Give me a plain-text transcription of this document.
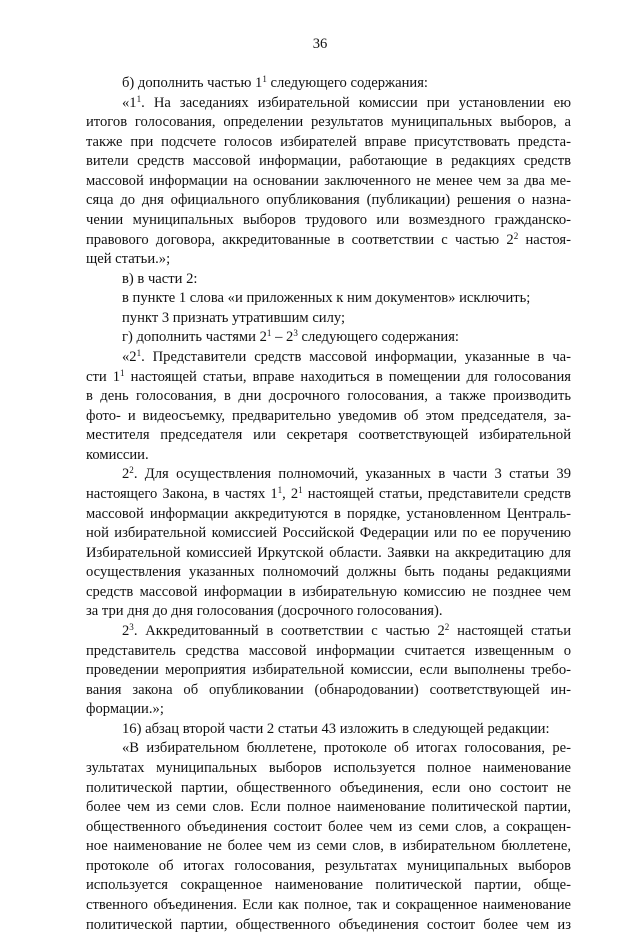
36
б) дополнить частью $1^1$ следующего содержания:
«$1^1$. На заседаниях избирательной комиссии при установлении ею
итогов голосования, определении результатов муниципальных выборов, а
также при подсчете голосов избирателей вправе присутствовать предста-
вители средств массовой информации, работающие в редакциях средств
массовой информации на основании заключенного не менее чем за два ме-
сяца до дня официального опубликования (публикации) решения о назна-
чении муниципальных выборов трудового или возмездного гражданско-
правового договора, аккредитованные в соответствии с частью $2^2$ настоя-
щей статьи.»;
в) в части 2:
в пункте 1 слова «и приложенных к ним документов» исключить;
пункт 3 признать утратившим силу;
г) дополнить частями $2^1 - 2^3$ следующего содержания:
«$2^1$. Представители средств массовой информации, указанные в ча-
сти $1^1$ настоящей статьи, вправе находиться в помещении для голосования
в день голосования, в дни досрочного голосования, а также производить
фото- и видеосъемку, предварительно уведомив об этом председателя, за-
местителя председателя или секретаря соответствующей избирательной
комиссии.
$2^2$. Для осуществления полномочий, указанных в части 3 статьи 39
настоящего Закона, в частях $1^1$, $2^1$ настоящей статьи, представители средств
массовой информации аккредитуются в порядке, установленном Централь-
ной избирательной комиссией Российской Федерации или по ее поручению
Избирательной комиссией Иркутской области. Заявки на аккредитацию для
осуществления указанных полномочий должны быть поданы редакциями
средств массовой информации в избирательную комиссию не позднее чем
за три дня до дня голосования (досрочного голосования).
$2^3$. Аккредитованный в соответствии с частью $2^2$ настоящей статьи
представитель средства массовой информации считается извещенным о
проведении мероприятия избирательной комиссии, если выполнены требо-
вания закона об опубликовании (обнародовании) соответствующей ин-
формации.»;
16) абзац второй части 2 статьи 43 изложить в следующей редакции:
«В избирательном бюллетене, протоколе об итогах голосования, ре-
зультатах муниципальных выборов используется полное наименование
политической партии, общественного объединения, если оно состоит не
более чем из семи слов. Если полное наименование политической партии,
общественного объединения состоит более чем из семи слов, а сокращен-
ное наименование не более чем из семи слов, в избирательном бюллетене,
протоколе об итогах голосования, результатах муниципальных выборов
используется сокращенное наименование политической партии, обще-
ственного объединения. Если как полное, так и сокращенное наименование
политической партии, общественного объединения состоит более чем из
